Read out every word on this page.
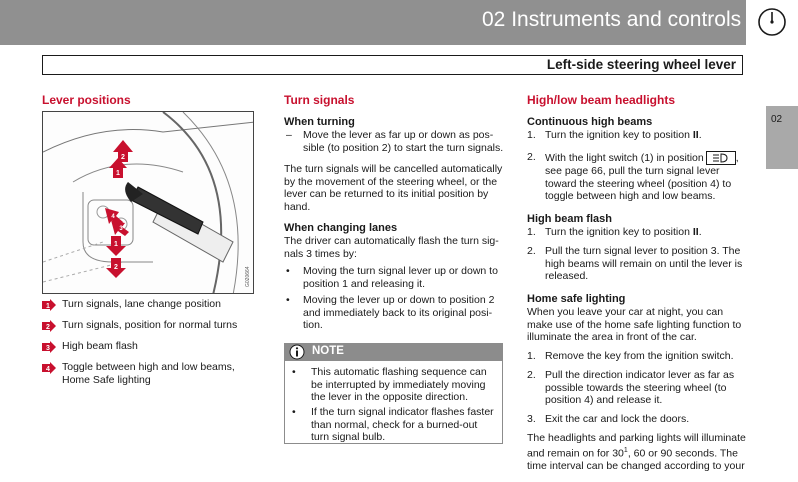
02 Instruments and controls
Left-side steering wheel lever
02
Lever positions
2
1
4
3
1
2	G020664
1 Turn signals, lane change position
2 Turn signals, position for normal turns
3 High beam flash
4 Toggle between high and low beams, Home Safe lighting
Turn signals
When turning
– Move the lever as far up or down as pos-
sible (to position 2) to start the turn signals.
The turn signals will be cancelled automatically
by the movement of the steering wheel, or the
lever can be returned to its initial position by
hand.
When changing lanes
The driver can automatically flash the turn sig-
nals 3 times by:
• Moving the turn signal lever up or down to
position 1 and releasing it.
• Moving the lever up or down to position 2
and immediately back to its original posi-
tion.
NOTE
• This automatic flashing sequence can
be interrupted by immediately moving
the lever in the opposite direction.
• If the turn signal indicator flashes faster
than normal, check for a burned-out
turn signal bulb.
High/low beam headlights
Continuous high beams
1. Turn the ignition key to position II.
2. With the light switch (1) in position	,
see page 66, pull the turn signal lever
toward the steering wheel (position 4) to
toggle between high and low beams.
High beam flash
1. Turn the ignition key to position II.
2. Pull the turn signal lever to position 3. The
high beams will remain on until the lever is
released.
Home safe lighting
When you leave your car at night, you can
make use of the home safe lighting function to
illuminate the area in front of the car.
1. Remove the key from the ignition switch.
2. Pull the direction indicator lever as far as
possible towards the steering wheel (to
position 4) and release it.
3. Exit the car and lock the doors.
The headlights and parking lights will illuminate
and remain on for $30^1$, 60 or 90 seconds. The
time interval can be changed according to your
